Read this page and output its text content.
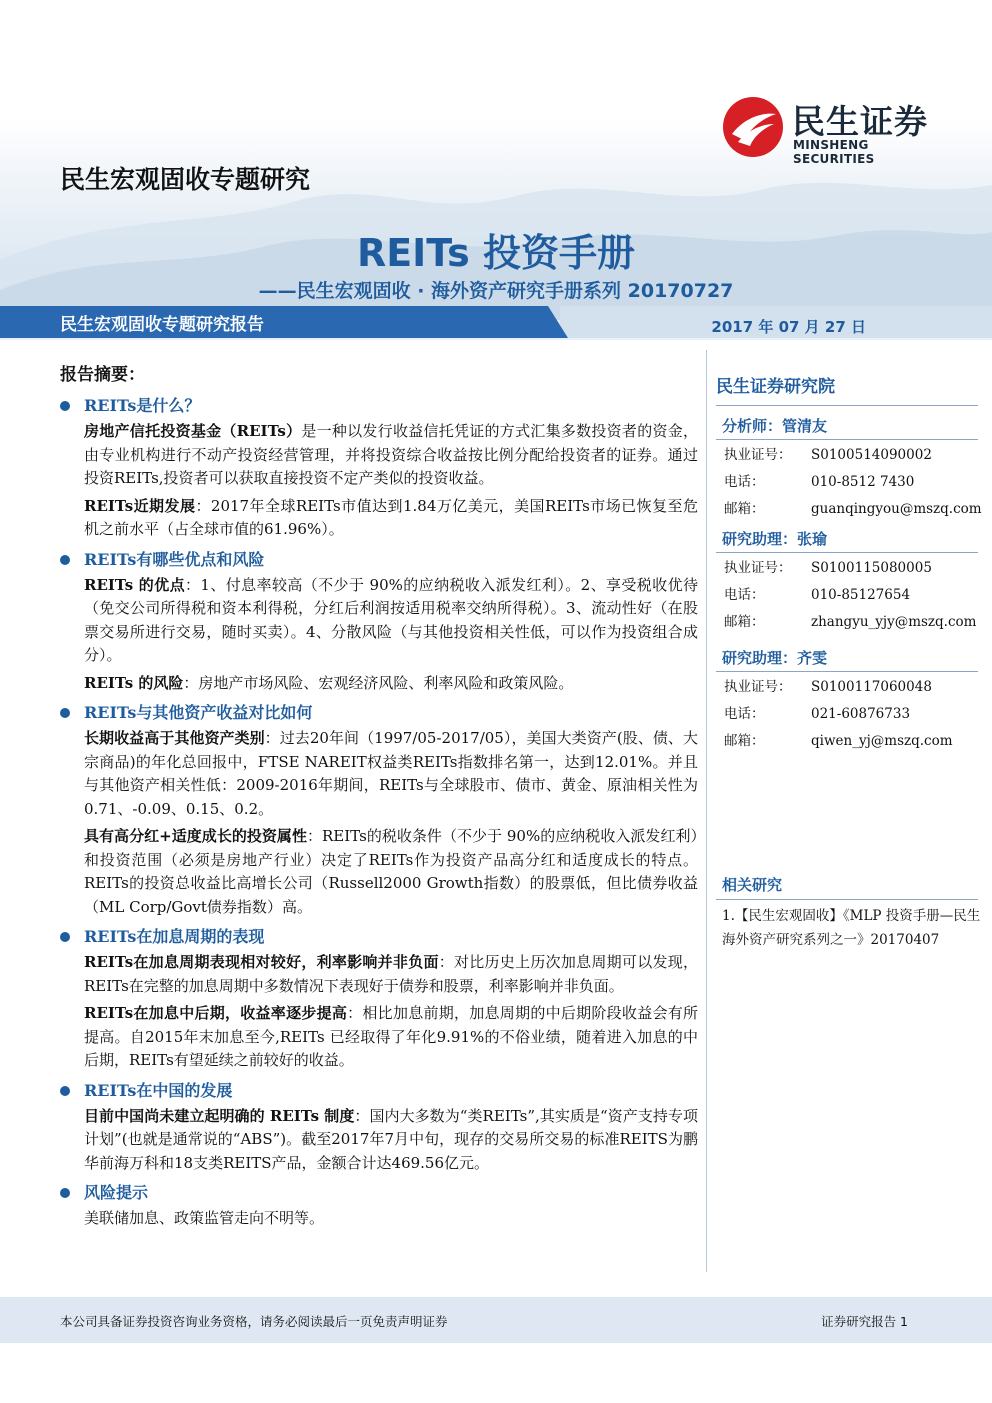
民生证券
MINSHENG SECURITIES
民生宏观固收专题研究
REITs 投资手册
——民生宏观固收 · 海外资产研究手册系列 20170727
民生宏观固收专题研究报告	2017 年 07 月 27 日
报告摘要：
REITs是什么？

房地产信托投资基金（REITs）是一种以发行收益信托凭证的方式汇集多数投资者的资金，由专业机构进行不动产投资经营管理，并将投资综合收益按比例分配给投资者的证券。通过投资REITs,投资者可以获取直接投资不定产类似的投资收益。

REITs近期发展：2017年全球REITs市值达到1.84万亿美元，美国REITs市场已恢复至危机之前水平（占全球市值的61.96%）。

REITs有哪些优点和风险

REITs 的优点：1、付息率较高（不少于 90%的应纳税收入派发红利）。2、享受税收优待（免交公司所得税和资本利得税，分红后利润按适用税率交纳所得税）。3、流动性好（在股票交易所进行交易，随时买卖）。4、分散风险（与其他投资相关性低，可以作为投资组合成分）。

REITs 的风险：房地产市场风险、宏观经济风险、利率风险和政策风险。

REITs与其他资产收益对比如何

长期收益高于其他资产类别：过去20年间（1997/05-2017/05），美国大类资产(股、债、大宗商品)的年化总回报中，FTSE NAREIT权益类REITs指数排名第一，达到12.01%。并且与其他资产相关性低：2009-2016年期间，REITs与全球股市、债市、黄金、原油相关性为0.71、-0.09、0.15、0.2。

具有高分红+适度成长的投资属性：REITs的税收条件（不少于 90%的应纳税收入派发红利）和投资范围（必须是房地产行业）决定了REITs作为投资产品高分红和适度成长的特点。REITs的投资总收益比高增长公司（Russell2000 Growth指数）的股票低，但比债券收益（ML Corp/Govt债券指数）高。

REITs在加息周期的表现

REITs在加息周期表现相对较好，利率影响并非负面：对比历史上历次加息周期可以发现，REITs在完整的加息周期中多数情况下表现好于债券和股票，利率影响并非负面。

REITs在加息中后期，收益率逐步提高：相比加息前期，加息周期的中后期阶段收益会有所提高。自2015年末加息至今,REITs 已经取得了年化9.91%的不俗业绩，随着进入加息的中后期，REITs有望延续之前较好的收益。

REITs在中国的发展

目前中国尚未建立起明确的 REITs 制度：国内大多数为“类REITs”,其实质是“资产支持专项计划”(也就是通常说的“ABS”)。截至2017年7月中旬，现存的交易所交易的标准REITS为鹏华前海万科和18支类REITS产品，金额合计达469.56亿元。

风险提示

美联储加息、政策监管走向不明等。

民生证券研究院
分析师：管清友
执业证号： S0100514090002
电话：	010-8512 7430
邮箱：	guanqingyou@mszq.com
研究助理：张瑜
执业证号： S0100115080005
电话：	010-85127654
邮箱：	zhangyu_yjy@mszq.com
研究助理：齐雯
执业证号： S0100117060048
电话：	021-60876733
邮箱：	qiwen_yj@mszq.com
相关研究
1.【民生宏观固收】《MLP 投资手册—民生海外资产研究系列之一》20170407
本公司具备证券投资咨询业务资格，请务必阅读最后一页免责声明证券	证券研究报告 1
